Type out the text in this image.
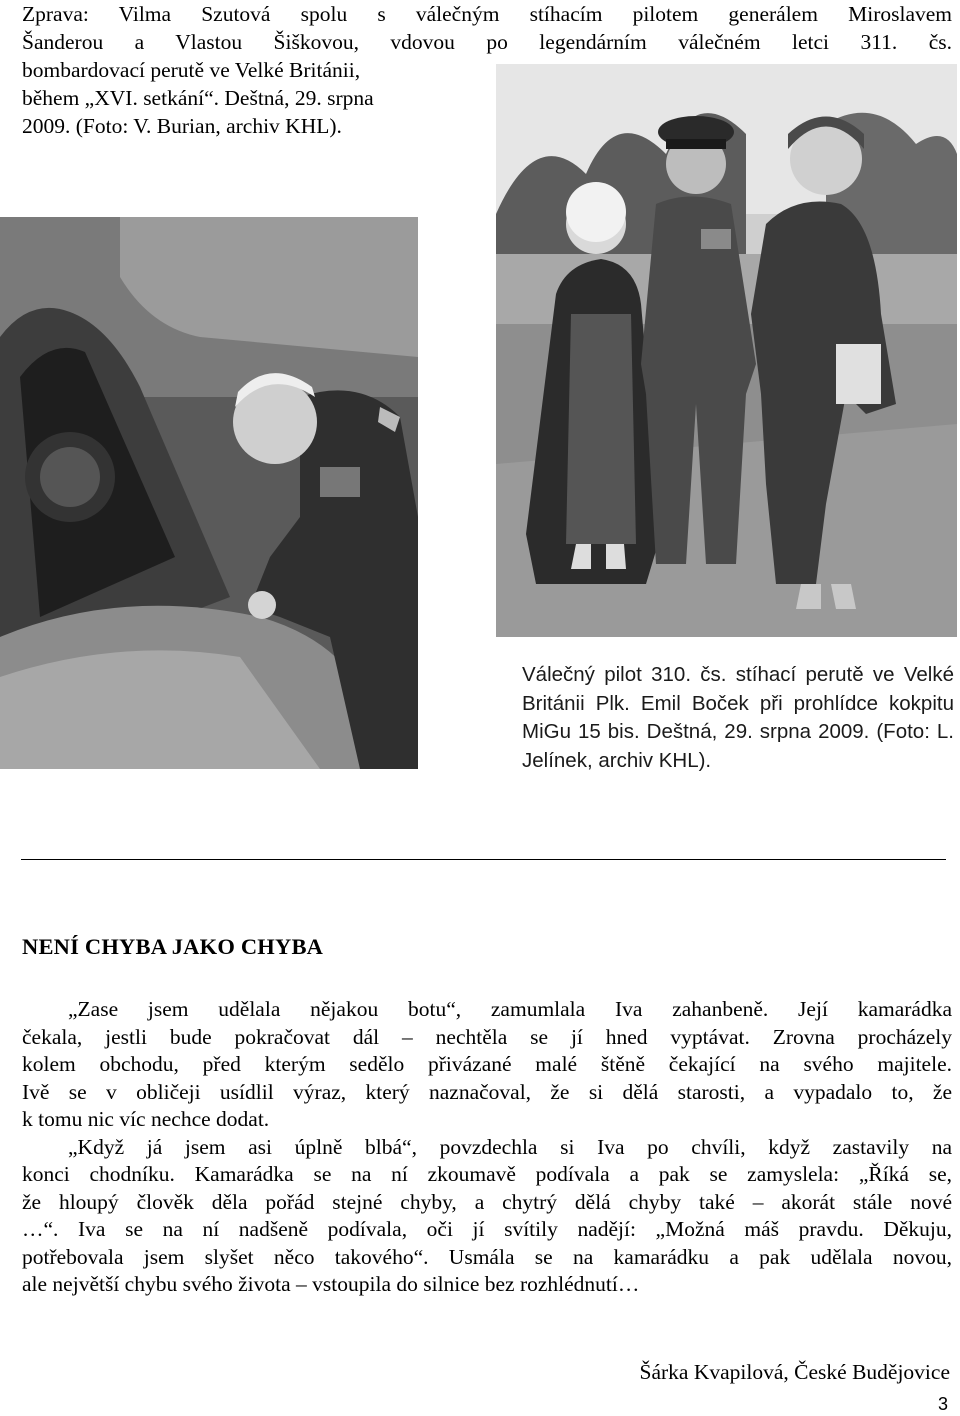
Zprava: Vilma Szutová spolu s válečným stíhacím pilotem generálem Miroslavem
Šanderou a Vlastou Šiškovou, vdovou po legendárním válečném letci 311. čs.
bombardovací perutě ve Velké Británii,
během „XVI. setkání“. Deštná, 29. srpna
2009. (Foto: V. Burian, archiv KHL).
Válečný pilot 310. čs. stíhací perutě ve Velké
Británii Plk. Emil Boček při prohlídce kokpitu
MiGu 15 bis. Deštná, 29. srpna 2009. (Foto: L.
Jelínek, archiv KHL).
NENÍ CHYBA JAKO CHYBA
„Zase jsem udělala nějakou botu“, zamumlala Iva zahanbeně. Její kamarádka
čekala, jestli bude pokračovat dál – nechtěla se jí hned vyptávat. Zrovna procházely
kolem obchodu, před kterým sedělo přivázané malé štěně čekající na svého majitele.
Ivě se v obličeji usídlil výraz, který naznačoval, že si dělá starosti, a vypadalo to, že
k tomu nic víc nechce dodat.
„Když já jsem asi úplně blbá“, povzdechla si Iva po chvíli, když zastavily na
konci chodníku. Kamarádka se na ní zkoumavě podívala a pak se zamyslela: „Říká se,
že hloupý člověk děla pořád stejné chyby, a chytrý dělá chyby také – akorát stále nové
…“. Iva se na ní nadšeně podívala, oči jí svítily nadějí: „Možná máš pravdu. Děkuju,
potřebovala jsem slyšet něco takového“. Usmála se na kamarádku a pak udělala novou,
ale největší chybu svého života – vstoupila do silnice bez rozhlédnutí…
Šárka Kvapilová, České Budějovice
3
